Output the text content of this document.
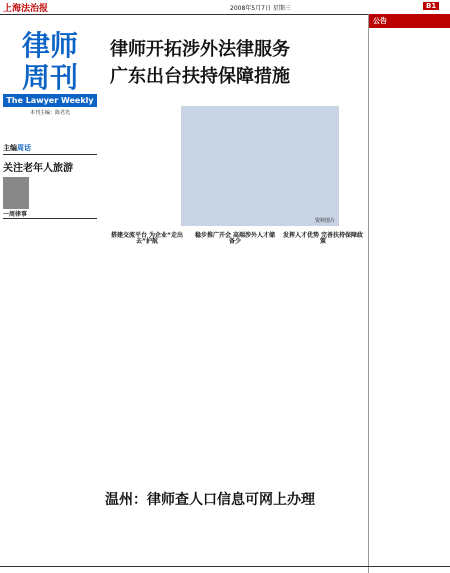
上海法治报	2008年5月7日 星期三	B1
律师
周刊
The Lawyer Weekly
本刊主编：陈君光
律师开拓涉外法律服务
广东出台扶持保障措施
公告
主编周话
关注老年人旅游
一周律事
资料图片
搭建交流平台 为企业“走出去”护航
稳步推广开会 高端涉外人才储备少
发挥人才优势 完善扶持保障政策
温州：律师查人口信息可网上办理
